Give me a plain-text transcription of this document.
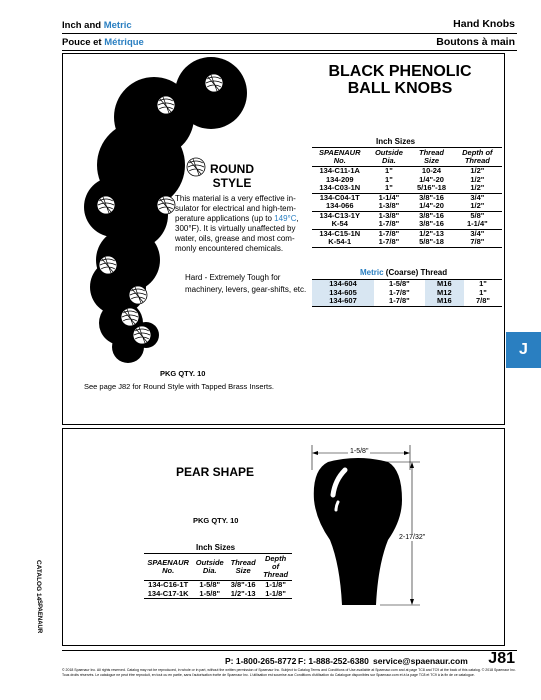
Inch and Metric
Pouce et Métrique
Hand Knobs
Boutons à main
BLACK PHENOLIC
BALL KNOBS
ROUND
STYLE
This material is a very effective in- sulator for electrical and high-tem- perature applications (up to 149°C, 300°F). It is virtually unaffected by water, oils, grease and most com- monly encountered chemicals.
Hard - Extremely Tough for machinery, levers, gear-shifts, etc.
PKG QTY. 10
See page J82 for Round Style with Tapped Brass Inserts.
Inch Sizes
SPAENAUR No.	Outside Dia.	Thread Size	Depth of Thread
134-C11-1A	1"	10-24	1/2"
134-209	1"	1/4"-20	1/2"
134-C03-1N	1"	5/16"-18	1/2"
134-C04-1T	1-1/4"	3/8"-16	3/4"
134-066	1-3/8"	1/4"-20	1/2"
134-C13-1Y	1-3/8"	3/8"-16	5/8"
K-54	1-7/8"	3/8"-16	1-1/4"
134-C15-1N	1-7/8"	1/2"-13	3/4"
K-54-1	1-7/8"	5/8"-18	7/8"
Metric (Coarse) Thread
134-604	1-5/8"	M16	1"
134-605	1-7/8"	M12	1"
134-607	1-7/8"	M16	7/8"
J
PEAR SHAPE
PKG QTY. 10
Inch Sizes
SPAENAUR No.	Outside Dia.	Thread Size	Depth of Thread
134-C16-1T	1-5/8"	3/8"-16	1-1/8"
134-C17-1K	1-5/8"	1/2"-13	1-1/8"
1-5/8"
2-17/32"
CATALOG 14
SPAENAUR
P: 1-800-265-8772 F: 1-888-252-6380 service@spaenaur.com J81
© 2018 Spaenaur Inc. All rights reserved. Catalog may not be reproduced, in whole or in part, without the written permission of Spaenaur Inc. Subject to Catalog Terms and Conditions of Use available at Spaenaur.com and at page TC8 and TC9 at the back of this catalog. © 2018 Spaenaur Inc. Tous droits réservés. Le catalogue ne peut être reproduit, en tout ou en partie, sans l'autorisation écrite de Spaenaur Inc. L'utilisation est soumise aux Conditions d'utilisation du Catalogue disponibles sur Spaenaur.com et à la page TC8 et TC9 à la fin de ce catalogue.
